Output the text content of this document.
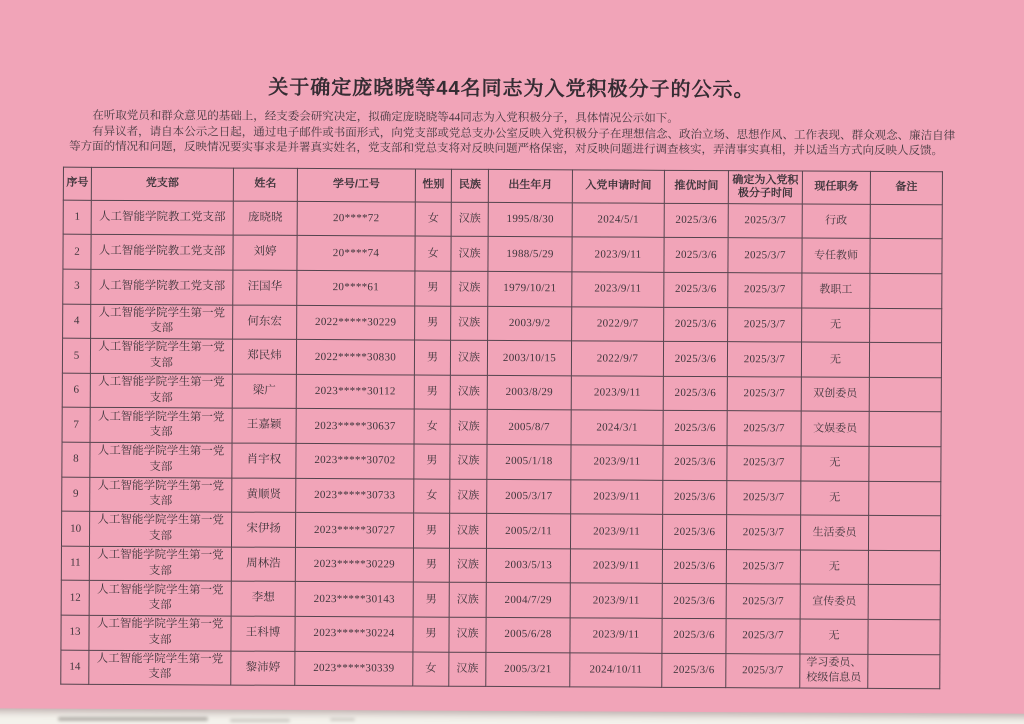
关于确定庞晓晓等44名同志为入党积极分子的公示。

在听取党员和群众意见的基础上，经支委会研究决定，拟确定庞晓晓等44同志为入党积极分子，具体情况公示如下。

有异议者，请自本公示之日起，通过电子邮件或书面形式，向党支部或党总支办公室反映入党积极分子在理想信念、政治立场、思想作风、工作表现、群众观念、廉洁自律等方面的情况和问题，反映情况要实事求是并署真实姓名，党支部和党总支将对反映问题严格保密，对反映问题进行调查核实，弄清事实真相，并以适当方式向反映人反馈。

序号	党支部	姓名	学号/工号	性别	民族	出生年月	入党申请时间	推优时间	确定为入党积极分子时间	现任职务	备注
1	人工智能学院教工党支部	庞晓晓	20****72	女	汉族	1995/8/30	2024/5/1	2025/3/6	2025/3/7	行政	
2	人工智能学院教工党支部	刘婷	20****74	女	汉族	1988/5/29	2023/9/11	2025/3/6	2025/3/7	专任教师	
3	人工智能学院教工党支部	汪国华	20****61	男	汉族	1979/10/21	2023/9/11	2025/3/6	2025/3/7	教职工	
4	人工智能学院学生第一党支部	何东宏	2022*****30229	男	汉族	2003/9/2	2022/9/7	2025/3/6	2025/3/7	无	
5	人工智能学院学生第一党支部	郑民炜	2022*****30830	男	汉族	2003/10/15	2022/9/7	2025/3/6	2025/3/7	无	
6	人工智能学院学生第一党支部	梁广	2023*****30112	男	汉族	2003/8/29	2023/9/11	2025/3/6	2025/3/7	双创委员	
7	人工智能学院学生第一党支部	王嘉颖	2023*****30637	女	汉族	2005/8/7	2024/3/1	2025/3/6	2025/3/7	文娱委员	
8	人工智能学院学生第一党支部	肖宇权	2023*****30702	男	汉族	2005/1/18	2023/9/11	2025/3/6	2025/3/7	无	
9	人工智能学院学生第一党支部	黄顺贤	2023*****30733	女	汉族	2005/3/17	2023/9/11	2025/3/6	2025/3/7	无	
10	人工智能学院学生第一党支部	宋伊扬	2023*****30727	男	汉族	2005/2/11	2023/9/11	2025/3/6	2025/3/7	生活委员	
11	人工智能学院学生第一党支部	周林浩	2023*****30229	男	汉族	2003/5/13	2023/9/11	2025/3/6	2025/3/7	无	
12	人工智能学院学生第一党支部	李想	2023*****30143	男	汉族	2004/7/29	2023/9/11	2025/3/6	2025/3/7	宣传委员	
13	人工智能学院学生第一党支部	王科博	2023*****30224	男	汉族	2005/6/28	2023/9/11	2025/3/6	2025/3/7	无	
14	人工智能学院学生第一党支部	黎沛婷	2023*****30339	女	汉族	2005/3/21	2024/10/11	2025/3/6	2025/3/7	学习委员、校级信息员	
